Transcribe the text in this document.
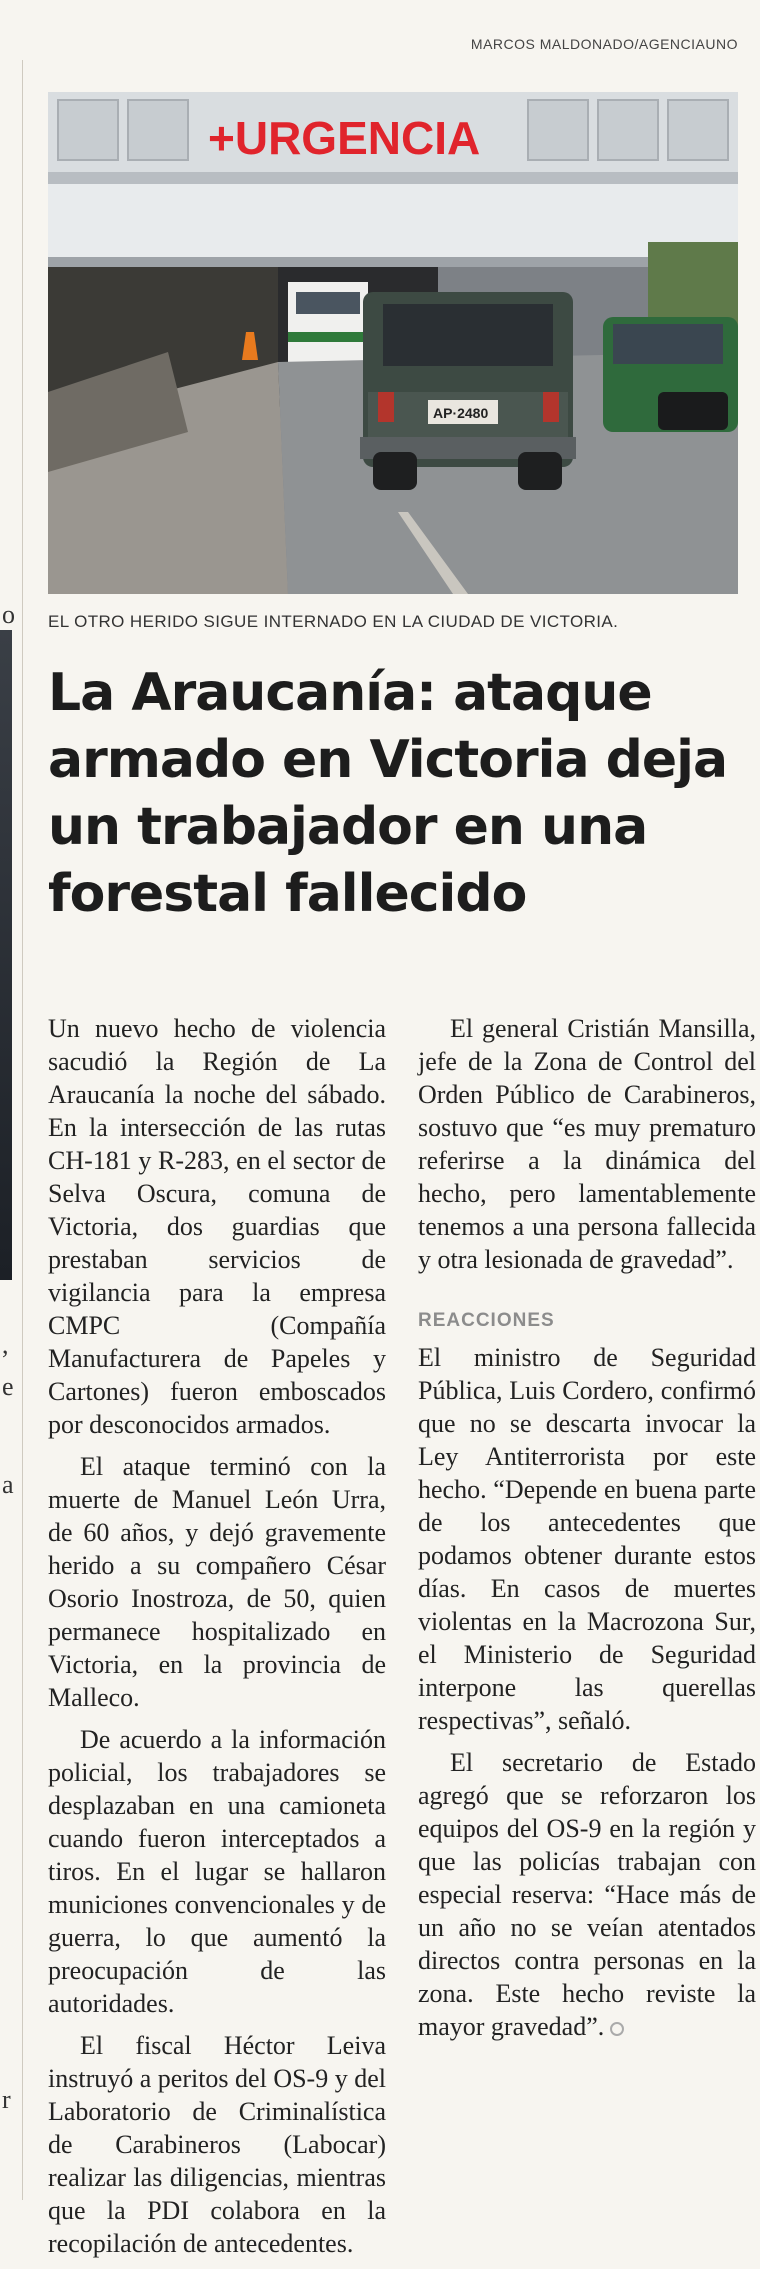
o
,
e
a
r
MARCOS MALDONADO/AGENCIAUNO
+URGENCIA
AP·2480
EL OTRO HERIDO SIGUE INTERNADO EN LA CIUDAD DE VICTORIA.
La Araucanía: ataque armado en Victoria deja un trabajador en una forestal fallecido

Un nuevo hecho de violencia sacudió la Región de La Araucanía la noche del sábado. En la intersección de las rutas CH-181 y R-283, en el sector de Selva Oscura, comuna de Victoria, dos guardias que prestaban servicios de vigilancia para la empresa CMPC (Compañía Manufacturera de Papeles y Cartones) fueron emboscados por desconocidos armados.

El ataque terminó con la muerte de Manuel León Urra, de 60 años, y dejó gravemente herido a su compañero César Osorio Inostroza, de 50, quien permanece hospitalizado en Victoria, en la provincia de Malleco.

De acuerdo a la información policial, los trabajadores se desplazaban en una camioneta cuando fueron interceptados a tiros. En el lugar se hallaron municiones convencionales y de guerra, lo que aumentó la preocupación de las autoridades.

El fiscal Héctor Leiva instruyó a peritos del OS-9 y del Laboratorio de Criminalística de Carabineros (Labocar) realizar las diligencias, mientras que la PDI colabora en la recopilación de antecedentes.

El general Cristián Mansilla, jefe de la Zona de Control del Orden Público de Carabineros, sostuvo que “es muy prematuro referirse a la dinámica del hecho, pero lamentablemente tenemos a una persona fallecida y otra lesionada de gravedad”.

REACCIONES

El ministro de Seguridad Pública, Luis Cordero, confirmó que no se descarta invocar la Ley Antiterrorista por este hecho. “Depende en buena parte de los antecedentes que podamos obtener durante estos días. En casos de muertes violentas en la Macrozona Sur, el Ministerio de Seguridad interpone las querellas respectivas”, señaló.

El secretario de Estado agregó que se reforzaron los equipos del OS-9 en la región y que las policías trabajan con especial reserva: “Hace más de un año no se veían atentados directos contra personas en la zona. Este hecho reviste la mayor gravedad”.
